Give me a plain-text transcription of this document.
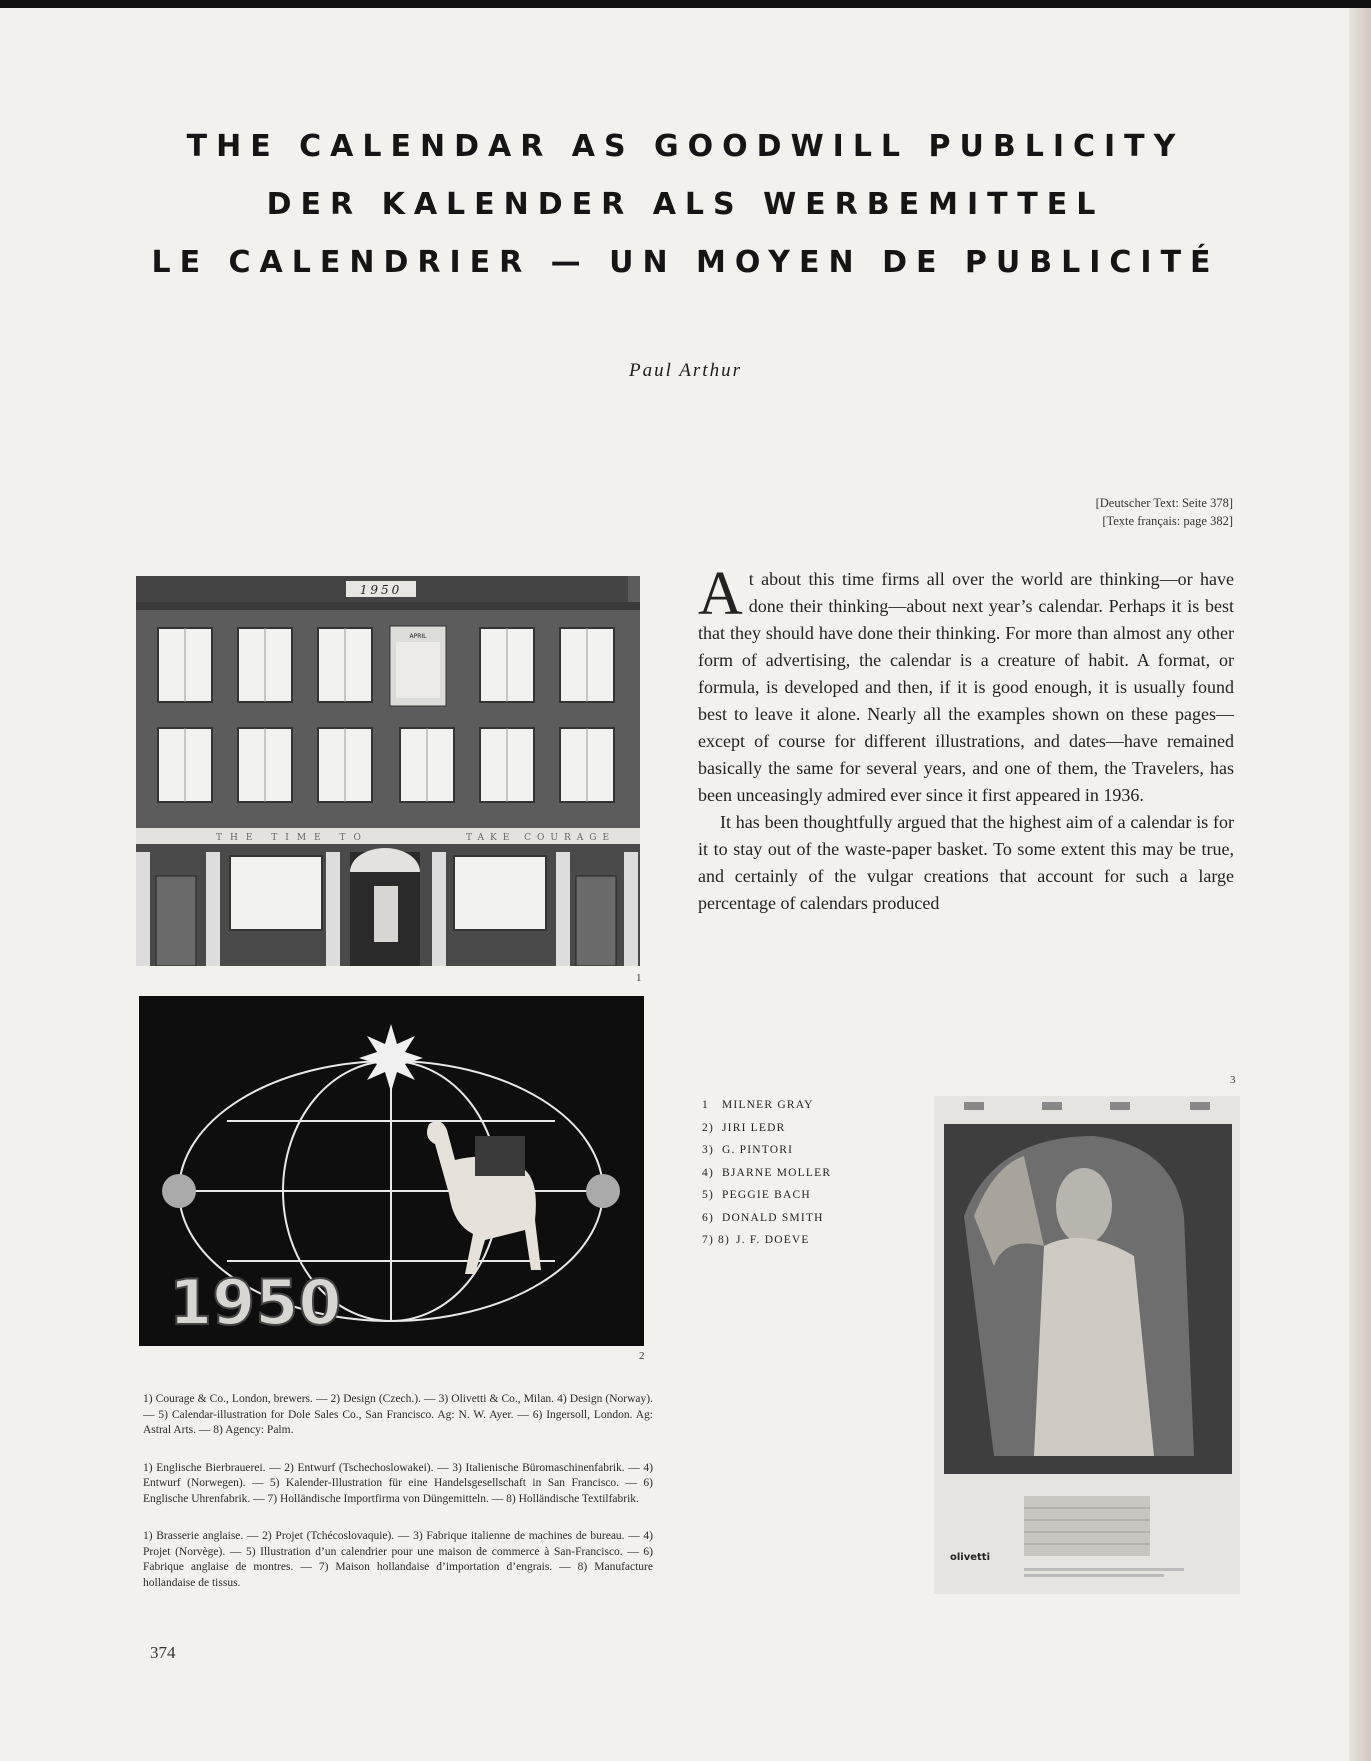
THE CALENDAR AS GOODWILL PUBLICITY
DER KALENDER ALS WERBEMITTEL
LE CALENDRIER — UN MOYEN DE PUBLICITÉ
Paul Arthur
[Deutscher Text: Seite 378]
[Texte français: page 382]
1950
APRIL
THE TIME TO	TAKE COURAGE
1
1950
2
1 MILNER GRAY
2) JIRI LEDR
3) G. PINTORI
4) BJARNE MOLLER
5) PEGGIE BACH
6) DONALD SMITH
7) 8) J. F. DOEVE
3
olivetti

At about this time firms all over the world are thinking—or have done their thinking—about next year’s calendar. Perhaps it is best that they should have done their thinking. For more than almost any other form of advertising, the calendar is a creature of habit. A format, or formula, is developed and then, if it is good enough, it is usually found best to leave it alone. Nearly all the examples shown on these pages—except of course for different illustrations, and dates—have remained basically the same for several years, and one of them, the Travelers, has been unceasingly admired ever since it first appeared in 1936.

It has been thoughtfully argued that the highest aim of a calendar is for it to stay out of the waste-paper basket. To some extent this may be true, and certainly of the vulgar creations that account for such a large percentage of calendars produced

1) Courage & Co., London, brewers. — 2) Design (Czech.). — 3) Olivetti & Co., Milan. 4) Design (Norway). — 5) Calendar-illustration for Dole Sales Co., San Francisco. Ag: N. W. Ayer. — 6) Ingersoll, London. Ag: Astral Arts. — 8) Agency: Palm.

1) Englische Bierbrauerei. — 2) Entwurf (Tschechoslowakei). — 3) Italienische Büromaschinenfabrik. — 4) Entwurf (Norwegen). — 5) Kalender-Illustration für eine Handelsgesellschaft in San Francisco. — 6) Englische Uhrenfabrik. — 7) Holländische Importfirma von Düngemitteln. — 8) Holländische Textilfabrik.

1) Brasserie anglaise. — 2) Projet (Tchécoslovaquie). — 3) Fabrique italienne de machines de bureau. — 4) Projet (Norvège). — 5) Illustration d’un calendrier pour une maison de commerce à San-Francisco. — 6) Fabrique anglaise de montres. — 7) Maison hollandaise d’importation d’engrais. — 8) Manufacture hollandaise de tissus.

374
